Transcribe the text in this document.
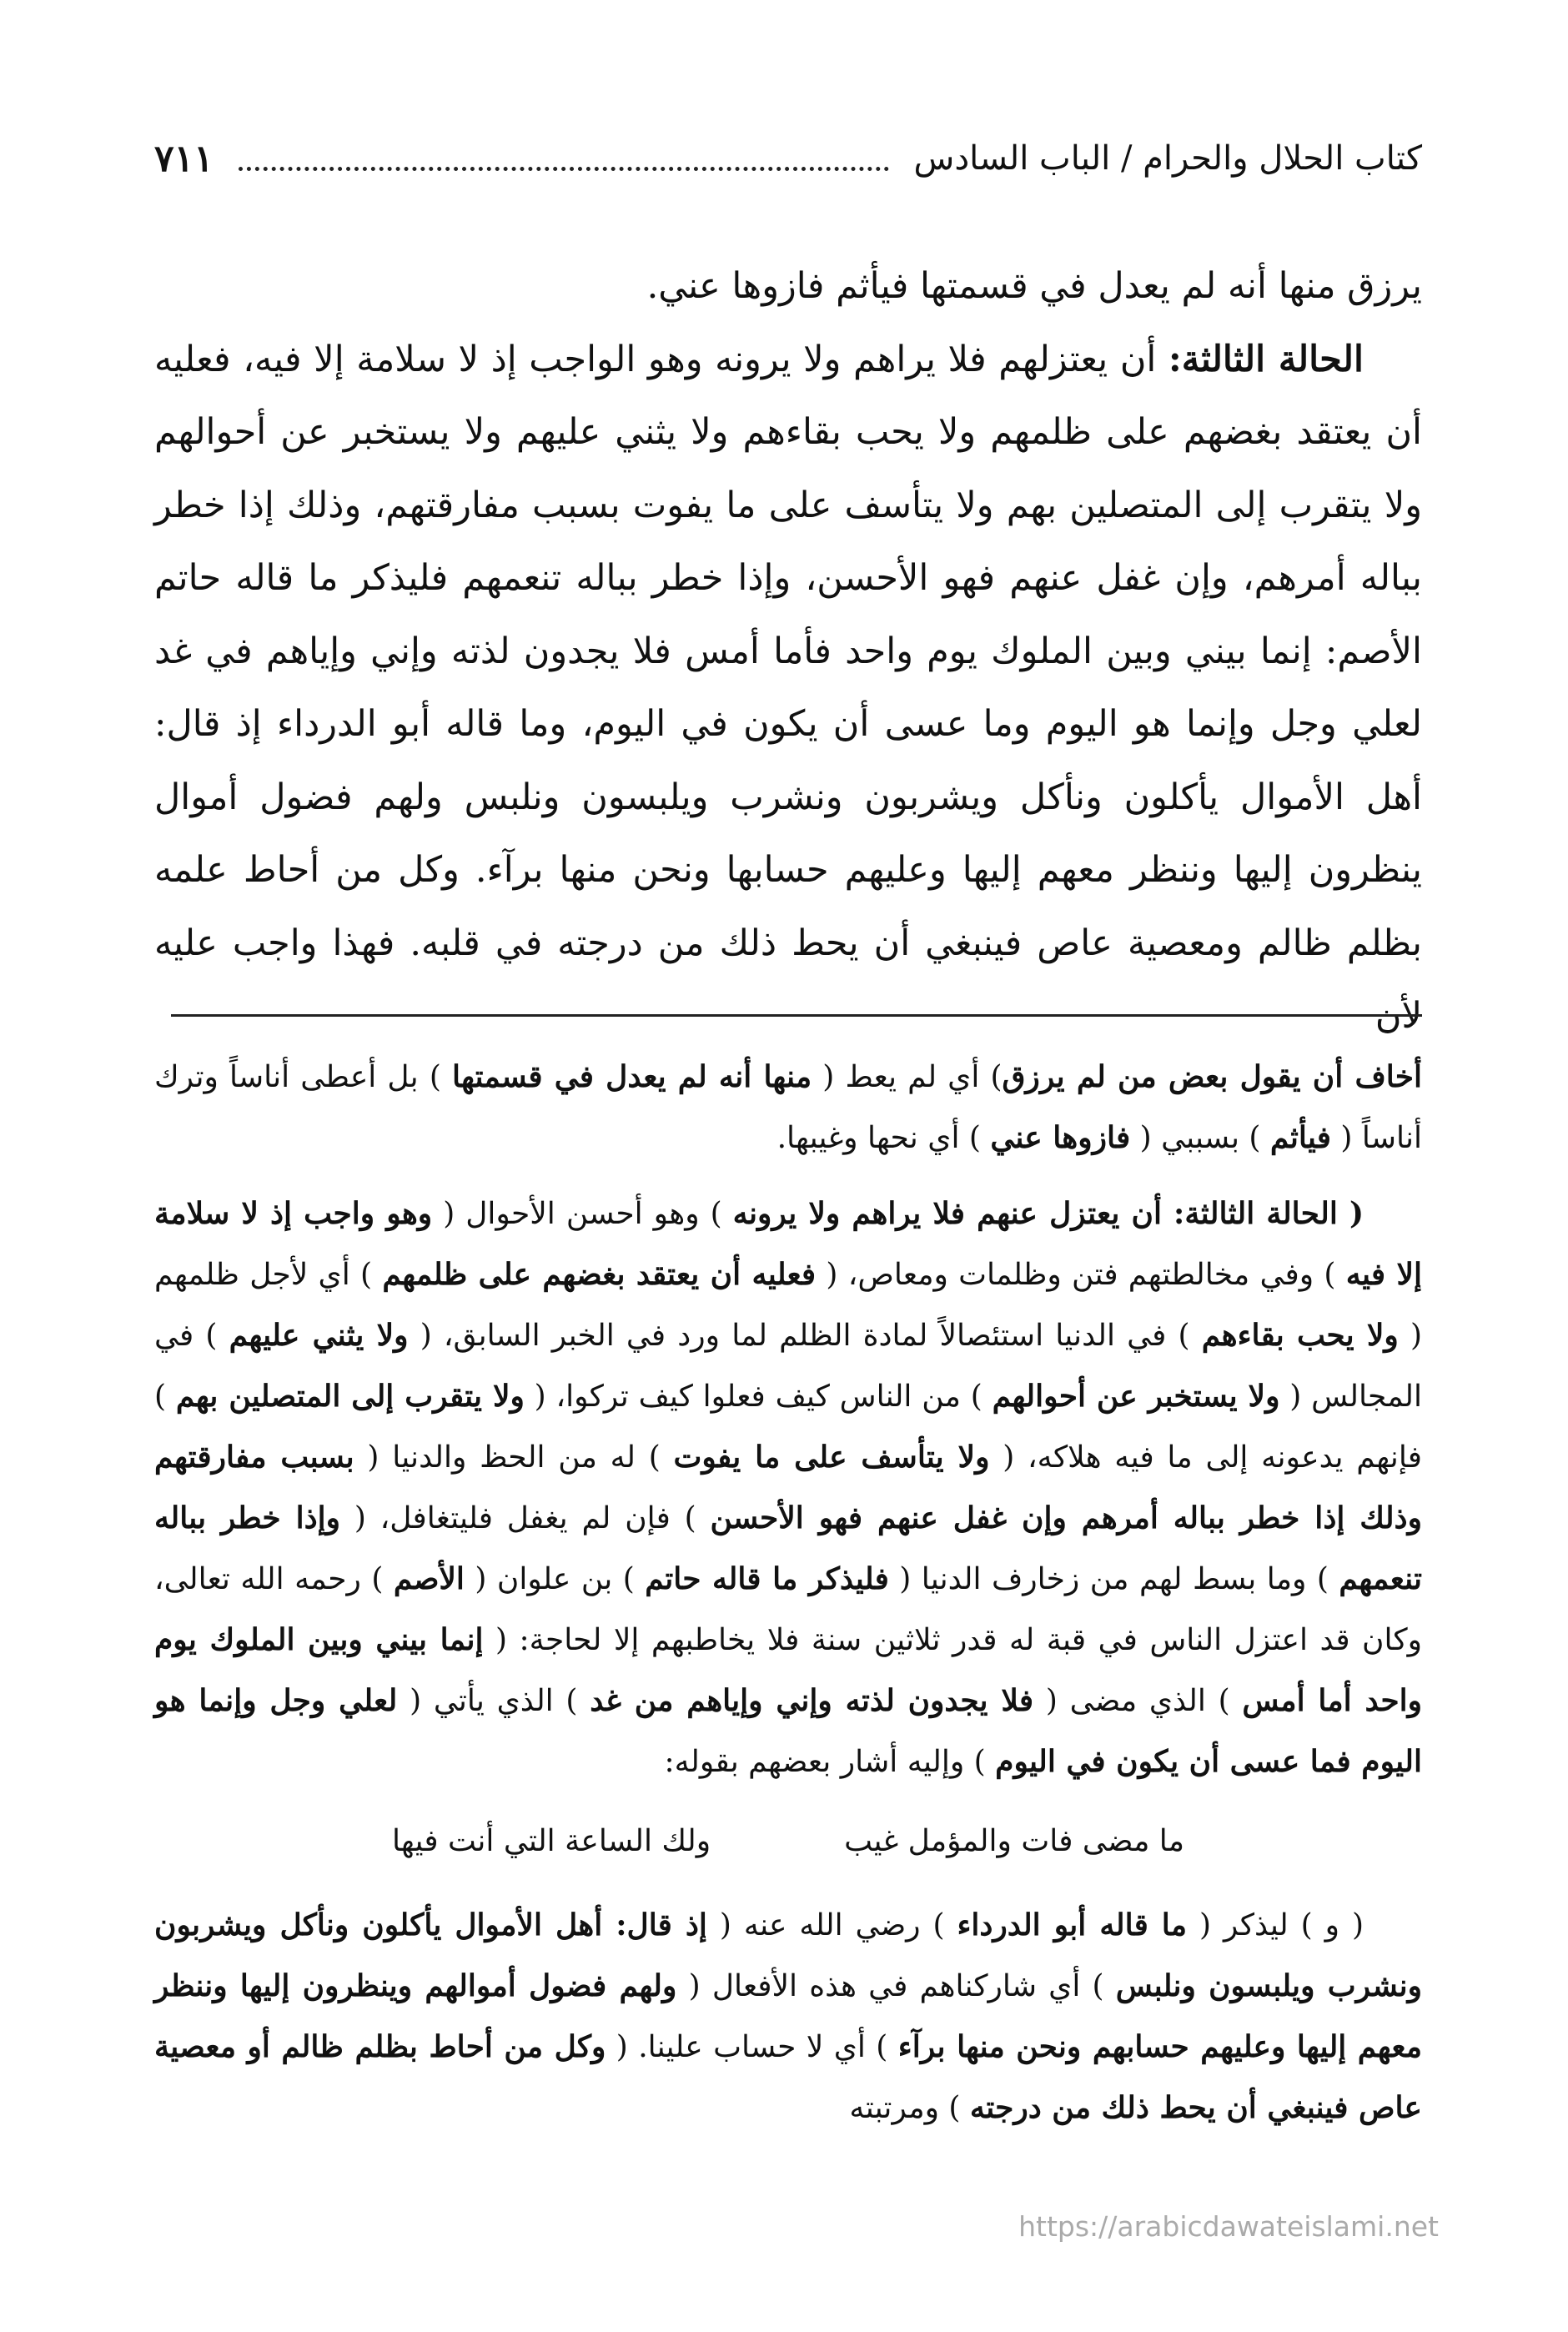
كتاب الحلال والحرام / الباب السادس
٧١١

يرزق منها أنه لم يعدل في قسمتها فيأثم فازوها عني.

الحالة الثالثة: أن يعتزلهم فلا يراهم ولا يرونه وهو الواجب إذ لا سلامة إلا فيه، فعليه أن يعتقد بغضهم على ظلمهم ولا يحب بقاءهم ولا يثني عليهم ولا يستخبر عن أحوالهم ولا يتقرب إلى المتصلين بهم ولا يتأسف على ما يفوت بسبب مفارقتهم، وذلك إذا خطر بباله أمرهم، وإن غفل عنهم فهو الأحسن، وإذا خطر بباله تنعمهم فليذكر ما قاله حاتم الأصم: إنما بيني وبين الملوك يوم واحد فأما أمس فلا يجدون لذته وإني وإياهم في غد لعلي وجل وإنما هو اليوم وما عسى أن يكون في اليوم، وما قاله أبو الدرداء إذ قال: أهل الأموال يأكلون ونأكل ويشربون ونشرب ويلبسون ونلبس ولهم فضول أموال ينظرون إليها وننظر معهم إليها وعليهم حسابها ونحن منها برآء. وكل من أحاط علمه بظلم ظالم ومعصية عاص فينبغي أن يحط ذلك من درجته في قلبه. فهذا واجب عليه لأن

أخاف أن يقول بعض من لم يرزق) أي لم يعط ( منها أنه لم يعدل في قسمتها ) بل أعطى أناساً وترك أناساً ( فيأثم ) بسببي ( فازوها عني ) أي نحها وغيبها.

( الحالة الثالثة: أن يعتزل عنهم فلا يراهم ولا يرونه ) وهو أحسن الأحوال ( وهو واجب إذ لا سلامة إلا فيه ) وفي مخالطتهم فتن وظلمات ومعاص، ( فعليه أن يعتقد بغضهم على ظلمهم ) أي لأجل ظلمهم ( ولا يحب بقاءهم ) في الدنيا استئصالاً لمادة الظلم لما ورد في الخبر السابق، ( ولا يثني عليهم ) في المجالس ( ولا يستخبر عن أحوالهم ) من الناس كيف فعلوا كيف تركوا، ( ولا يتقرب إلى المتصلين بهم ) فإنهم يدعونه إلى ما فيه هلاكه، ( ولا يتأسف على ما يفوت ) له من الحظ والدنيا ( بسبب مفارقتهم وذلك إذا خطر بباله أمرهم وإن غفل عنهم فهو الأحسن ) فإن لم يغفل فليتغافل، ( وإذا خطر بباله تنعمهم ) وما بسط لهم من زخارف الدنيا ( فليذكر ما قاله حاتم ) بن علوان ( الأصم ) رحمه الله تعالى، وكان قد اعتزل الناس في قبة له قدر ثلاثين سنة فلا يخاطبهم إلا لحاجة: ( إنما بيني وبين الملوك يوم واحد أما أمس ) الذي مضى ( فلا يجدون لذته وإني وإياهم من غد ) الذي يأتي ( لعلي وجل وإنما هو اليوم فما عسى أن يكون في اليوم ) وإليه أشار بعضهم بقوله:

ما مضى فات والمؤمل غيب
ولك الساعة التي أنت فيها

( و ) ليذكر ( ما قاله أبو الدرداء ) رضي الله عنه ( إذ قال: أهل الأموال يأكلون ونأكل ويشربون ونشرب ويلبسون ونلبس ) أي شاركناهم في هذه الأفعال ( ولهم فضول أموالهم وينظرون إليها وننظر معهم إليها وعليهم حسابهم ونحن منها برآء ) أي لا حساب علينا. ( وكل من أحاط بظلم ظالم أو معصية عاص فينبغي أن يحط ذلك من درجته ) ومرتبته

https://arabicdawateislami.net
